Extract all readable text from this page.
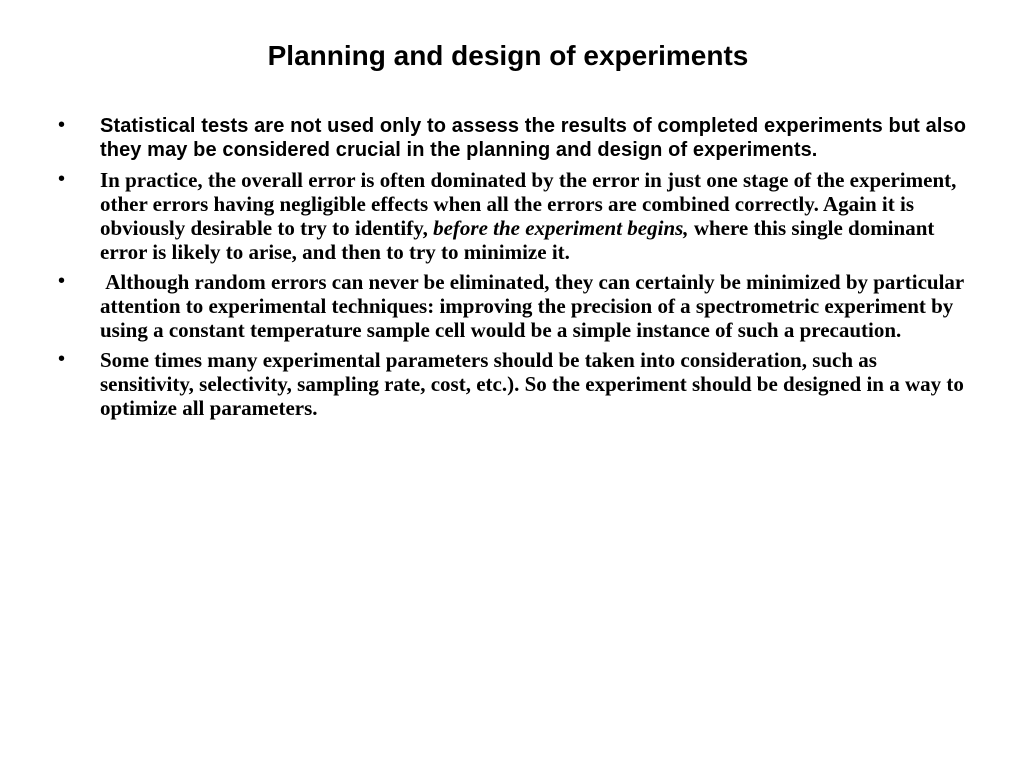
Planning and design of experiments
• Statistical tests are not used only to assess the results of completed experiments but also they may be considered crucial in the planning and design of experiments.
• In practice, the overall error is often dominated by the error in just one stage of the experiment, other errors having negligible effects when all the errors are combined correctly. Again it is obviously desirable to try to identify, before the experiment begins, where this single dominant error is likely to arise, and then to try to minimize it.
• Although random errors can never be eliminated, they can certainly be minimized by particular attention to experimental techniques: improving the precision of a spectrometric experiment by using a constant temperature sample cell would be a simple instance of such a precaution.
• Some times many experimental parameters should be taken into consideration, such as sensitivity, selectivity, sampling rate, cost, etc.). So the experiment should be designed in a way to optimize all parameters.
